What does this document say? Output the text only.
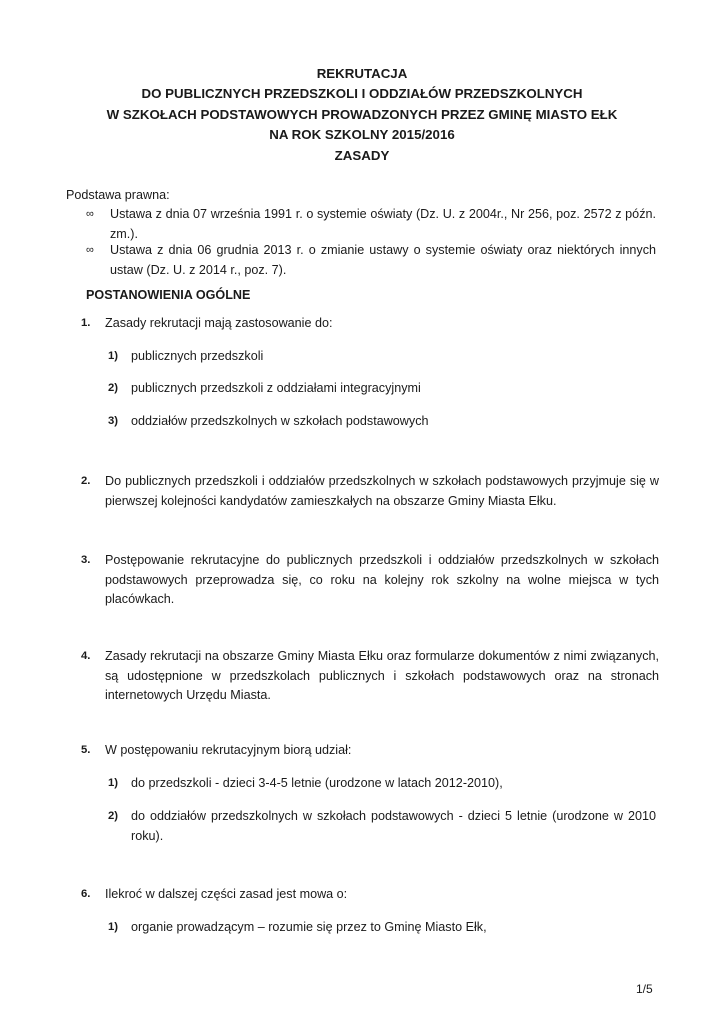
REKRUTACJA
DO PUBLICZNYCH PRZEDSZKOLI I ODDZIAŁÓW PRZEDSZKOLNYCH
W SZKOŁACH PODSTAWOWYCH PROWADZONYCH PRZEZ GMINĘ MIASTO EŁK
NA ROK SZKOLNY 2015/2016
ZASADY
Podstawa prawna:
∞ Ustawa z dnia 07 września 1991 r. o systemie oświaty (Dz. U. z 2004r., Nr 256, poz. 2572 z późn. zm.).
∞ Ustawa z dnia 06 grudnia 2013 r. o zmianie ustawy o systemie oświaty oraz niektórych innych ustaw (Dz. U. z 2014 r., poz. 7).
POSTANOWIENIA OGÓLNE
1. Zasady rekrutacji mają zastosowanie do:
1) publicznych przedszkoli
2) publicznych przedszkoli z oddziałami integracyjnymi
3) oddziałów przedszkolnych w szkołach podstawowych
2. Do publicznych przedszkoli i oddziałów przedszkolnych w szkołach podstawowych przyjmuje się w pierwszej kolejności kandydatów zamieszkałych na obszarze Gminy Miasta Ełku.
3. Postępowanie rekrutacyjne do publicznych przedszkoli i oddziałów przedszkolnych w szkołach podstawowych przeprowadza się, co roku na kolejny rok szkolny na wolne miejsca w tych placówkach.
4. Zasady rekrutacji na obszarze Gminy Miasta Ełku oraz formularze dokumentów z nimi związanych, są udostępnione w przedszkolach publicznych i szkołach podstawowych oraz na stronach internetowych Urzędu Miasta.
5. W postępowaniu rekrutacyjnym biorą udział:
1) do przedszkoli - dzieci 3-4-5 letnie (urodzone w latach 2012-2010),
2) do oddziałów przedszkolnych w szkołach podstawowych - dzieci 5 letnie (urodzone w 2010 roku).
6. Ilekroć w dalszej części zasad jest mowa o:
1) organie prowadzącym – rozumie się przez to Gminę Miasto Ełk,
1/5
